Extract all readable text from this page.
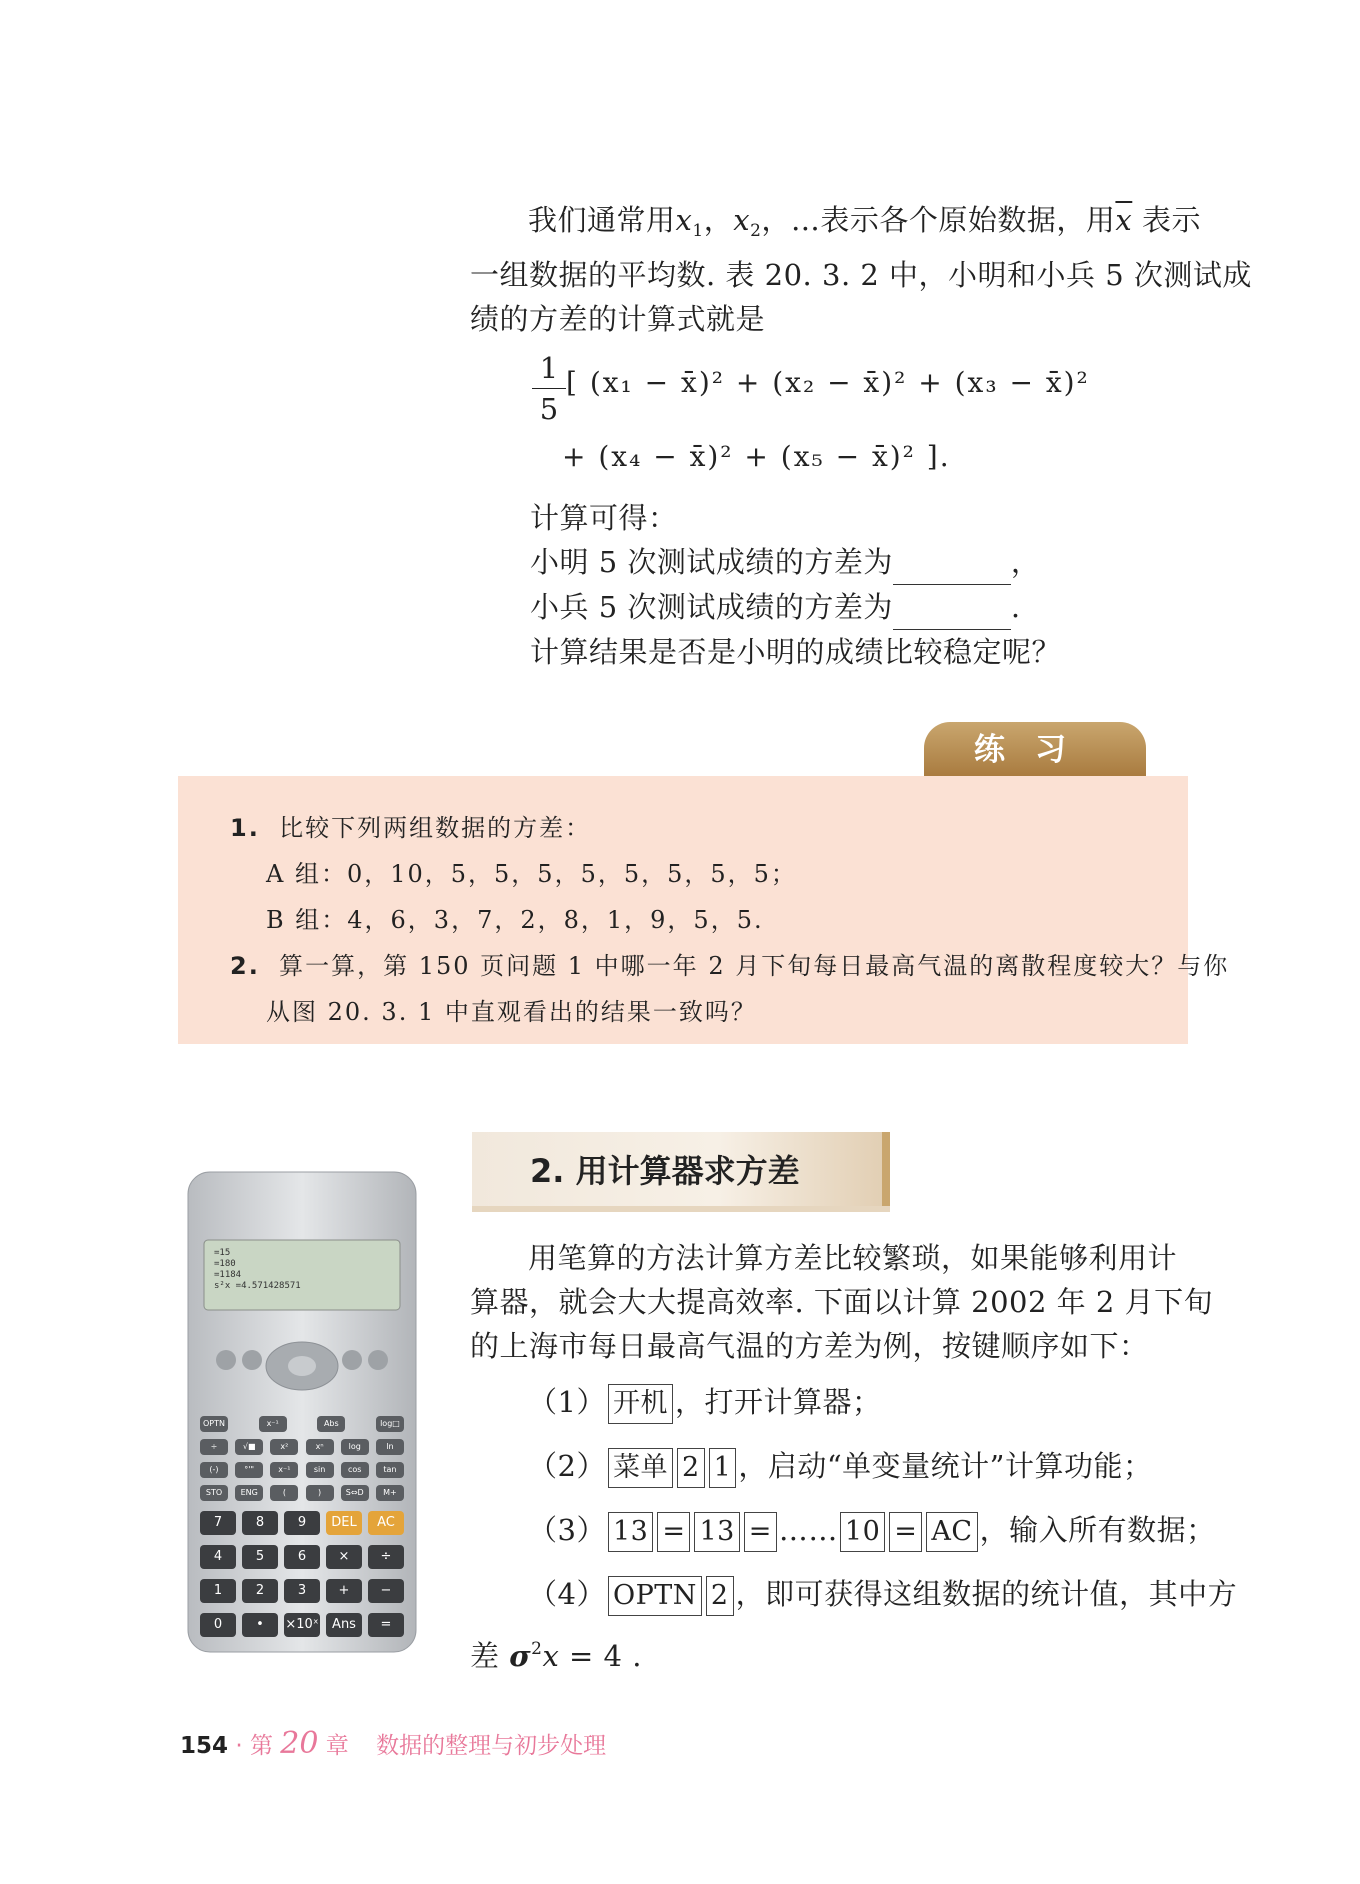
我们通常用$x_1$，$x_2$，…表示各个原始数据，用$\overline{x}$ 表示
一组数据的平均数. 表 20. 3. 2 中，小明和小兵 5 次测试成
绩的方差的计算式就是
1
5
[ (x₁ − x̄)² + (x₂ − x̄)² + (x₃ − x̄)²
+ (x₄ − x̄)² + (x₅ − x̄)² ].
计算可得：
小明 5 次测试成绩的方差为	，
小兵 5 次测试成绩的方差为	.
计算结果是否是小明的成绩比较稳定呢？
练习
1. 比较下列两组数据的方差：
A 组：0，10，5，5，5，5，5，5，5，5；
B 组：4，6，3，7，2，8，1，9，5，5.
2. 算一算，第 150 页问题 1 中哪一年 2 月下旬每日最高气温的离散程度较大？与你
从图 20. 3. 1 中直观看出的结果一致吗？
2. 用计算器求方差
=15
=180
=1184
s²x =4.571428571
OPTN	x⁻¹	Abs	log□
÷	√■	x²	xⁿ	log	ln
(-)	°'"	x⁻¹	sin	cos	tan
STO	ENG	(	)	S⇔D	M+
7	8	9	DEL	AC
4	5	6	×	÷
1	2	3	+	−
0	•	×10ˣ	Ans	=
用笔算的方法计算方差比较繁琐，如果能够利用计
算器，就会大大提高效率. 下面以计算 2002 年 2 月下旬
的上海市每日最高气温的方差为例，按键顺序如下：
（1） 开机 ，打开计算器；
（2） 菜单 2 1 ，启动“单变量统计”计算功能；
（3） 13 = 13 = …… 10 = AC ，输入所有数据；
（4） OPTN 2 ，即可获得这组数据的统计值，其中方
差 $\sigma^2x = 4$ .
154 · 第 20 章 数据的整理与初步处理
